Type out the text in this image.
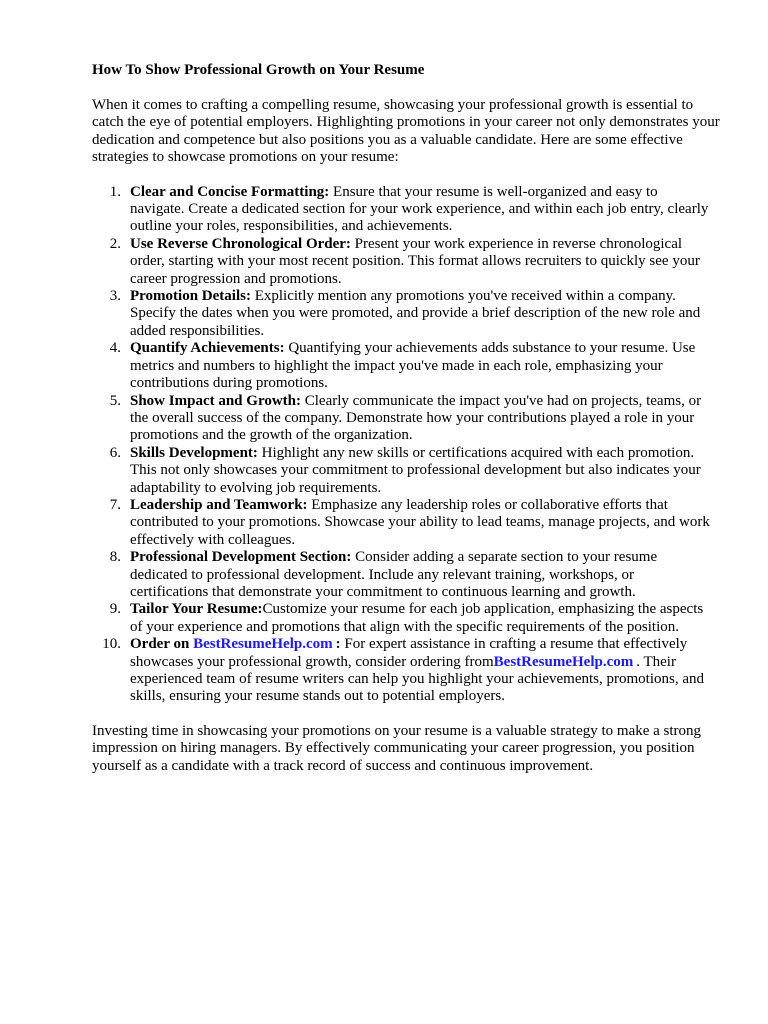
How To Show Professional Growth on Your Resume

When it comes to crafting a compelling resume, showcasing your professional growth is essential to catch the eye of potential employers. Highlighting promotions in your career not only demonstrates your dedication and competence but also positions you as a valuable candidate. Here are some effective strategies to showcase promotions on your resume:

1. Clear and Concise Formatting: Ensure that your resume is well-organized and easy to navigate. Create a dedicated section for your work experience, and within each job entry, clearly outline your roles, responsibilities, and achievements.
2. Use Reverse Chronological Order: Present your work experience in reverse chronological order, starting with your most recent position. This format allows recruiters to quickly see your career progression and promotions.
3. Promotion Details: Explicitly mention any promotions you've received within a company. Specify the dates when you were promoted, and provide a brief description of the new role and added responsibilities.
4. Quantify Achievements: Quantifying your achievements adds substance to your resume. Use metrics and numbers to highlight the impact you've made in each role, emphasizing your contributions during promotions.
5. Show Impact and Growth: Clearly communicate the impact you've had on projects, teams, or the overall success of the company. Demonstrate how your contributions played a role in your promotions and the growth of the organization.
6. Skills Development: Highlight any new skills or certifications acquired with each promotion. This not only showcases your commitment to professional development but also indicates your adaptability to evolving job requirements.
7. Leadership and Teamwork: Emphasize any leadership roles or collaborative efforts that contributed to your promotions. Showcase your ability to lead teams, manage projects, and work effectively with colleagues.
8. Professional Development Section: Consider adding a separate section to your resume dedicated to professional development. Include any relevant training, workshops, or certifications that demonstrate your commitment to continuous learning and growth.
9. Tailor Your Resume:Customize your resume for each job application, emphasizing the aspects of your experience and promotions that align with the specific requirements of the position.
10. Order on BestResumeHelp.com : For expert assistance in crafting a resume that effectively showcases your professional growth, consider ordering fromBestResumeHelp.com . Their experienced team of resume writers can help you highlight your achievements, promotions, and skills, ensuring your resume stands out to potential employers.

Investing time in showcasing your promotions on your resume is a valuable strategy to make a strong impression on hiring managers. By effectively communicating your career progression, you position yourself as a candidate with a track record of success and continuous improvement.
